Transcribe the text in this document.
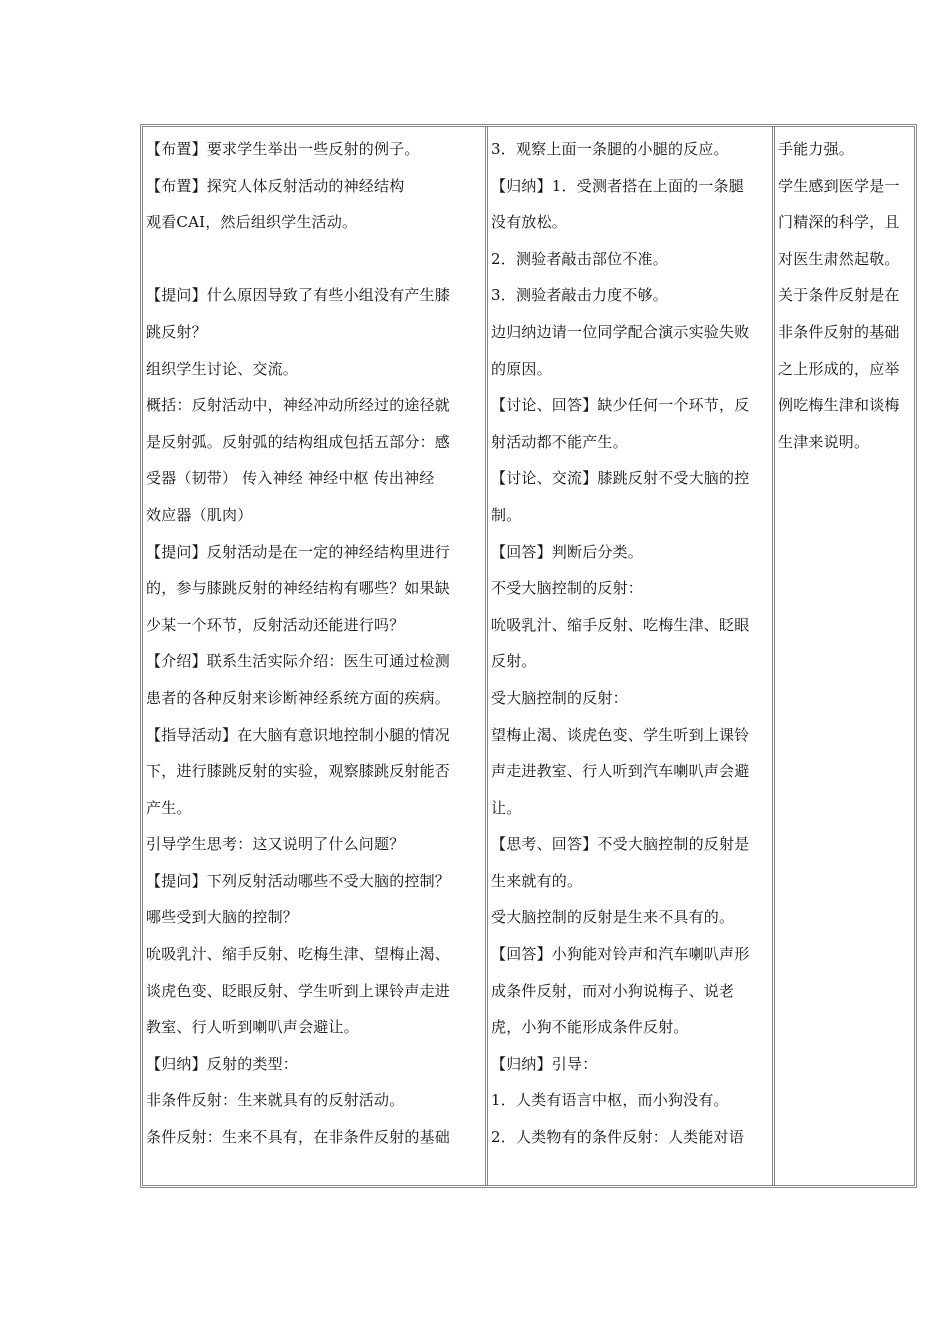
【布置】要求学生举出一些反射的例子。
【布置】探究人体反射活动的神经结构
观看CAI，然后组织学生活动。
【提问】什么原因导致了有些小组没有产生膝
跳反射？
组织学生讨论、交流。
概括：反射活动中，神经冲动所经过的途径就
是反射弧。反射弧的结构组成包括五部分：感
受器（韧带） 传入神经 神经中枢 传出神经
效应器（肌肉）
【提问】反射活动是在一定的神经结构里进行
的，参与膝跳反射的神经结构有哪些？如果缺
少某一个环节，反射活动还能进行吗？
【介绍】联系生活实际介绍：医生可通过检测
患者的各种反射来诊断神经系统方面的疾病。
【指导活动】在大脑有意识地控制小腿的情况
下，进行膝跳反射的实验，观察膝跳反射能否
产生。
引导学生思考：这又说明了什么问题？
【提问】下列反射活动哪些不受大脑的控制？
哪些受到大脑的控制？
吮吸乳汁、缩手反射、吃梅生津、望梅止渴、
谈虎色变、眨眼反射、学生听到上课铃声走进
教室、行人听到喇叭声会避让。
【归纳】反射的类型：
非条件反射：生来就具有的反射活动。
条件反射：生来不具有，在非条件反射的基础
3．观察上面一条腿的小腿的反应。
【归纳】1．受测者搭在上面的一条腿
没有放松。
2．测验者敲击部位不准。
3．测验者敲击力度不够。
边归纳边请一位同学配合演示实验失败
的原因。
【讨论、回答】缺少任何一个环节，反
射活动都不能产生。
【讨论、交流】膝跳反射不受大脑的控
制。
【回答】判断后分类。
不受大脑控制的反射：
吮吸乳汁、缩手反射、吃梅生津、眨眼
反射。
受大脑控制的反射：
望梅止渴、谈虎色变、学生听到上课铃
声走进教室、行人听到汽车喇叭声会避
让。
【思考、回答】不受大脑控制的反射是
生来就有的。
受大脑控制的反射是生来不具有的。
【回答】小狗能对铃声和汽车喇叭声形
成条件反射，而对小狗说梅子、说老
虎，小狗不能形成条件反射。
【归纳】引导：
1．人类有语言中枢，而小狗没有。
2．人类物有的条件反射：人类能对语
手能力强。
学生感到医学是一
门精深的科学，且
对医生肃然起敬。
关于条件反射是在
非条件反射的基础
之上形成的，应举
例吃梅生津和谈梅
生津来说明。
